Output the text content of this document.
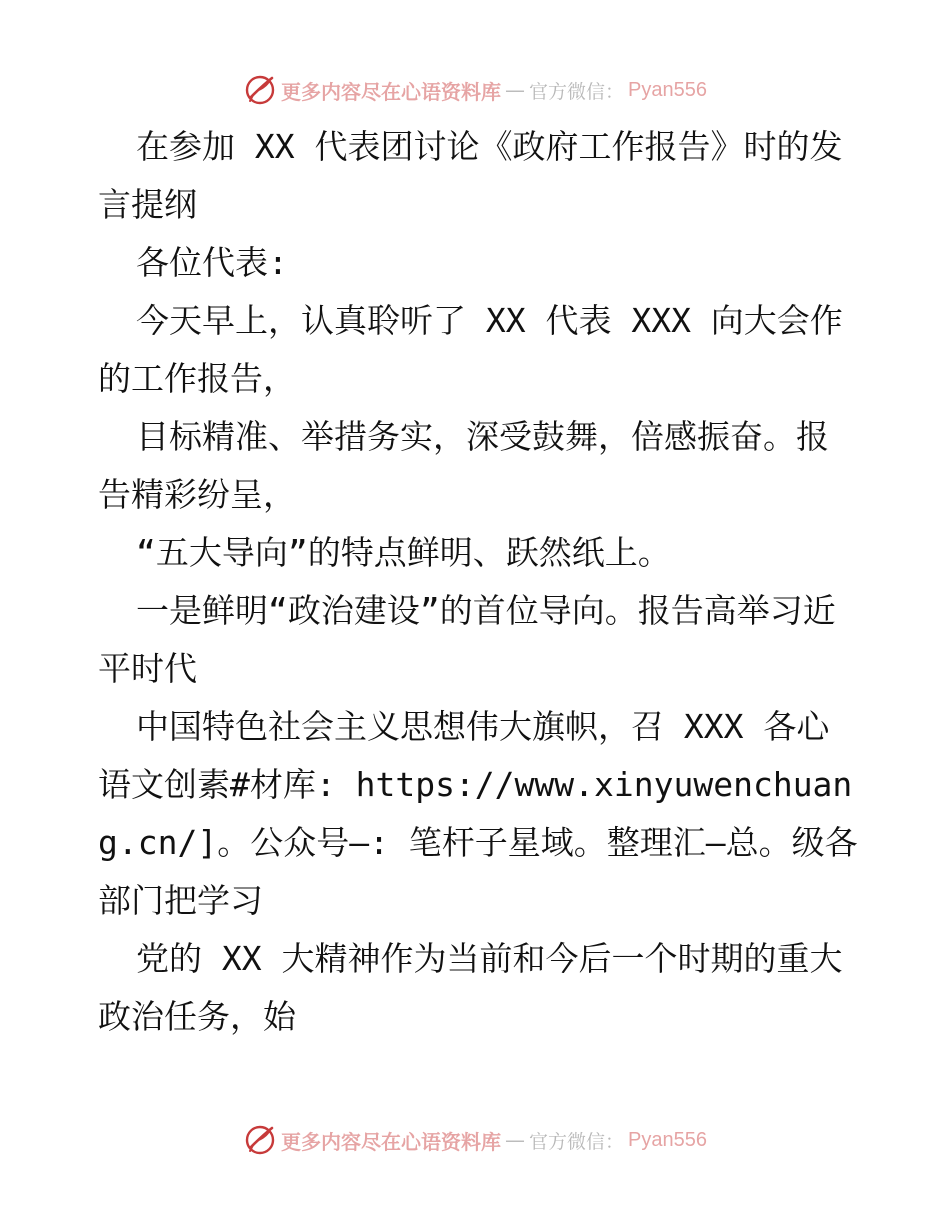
更多内容尽在心语资料库 — 官方微信： Pyan556

在参加 XX 代表团讨论《政府工作报告》时的发言提纲

各位代表:

今天早上，认真聆听了 XX 代表 XXX 向大会作的工作报告，

目标精准、举措务实，深受鼓舞，倍感振奋。报告精彩纷呈，

“五大导向”的特点鲜明、跃然纸上。

一是鲜明“政治建设”的首位导向。报告高举习近平时代

中国特色社会主义思想伟大旗帜，召 XXX 各心语文创素#材库: https://www.xinyuwenchuang.cn/]。公众号—: 笔杆子星域。整理汇—总。级各部门把学习

党的 XX 大精神作为当前和今后一个时期的重大政治任务，始

更多内容尽在心语资料库 — 官方微信： Pyan556
